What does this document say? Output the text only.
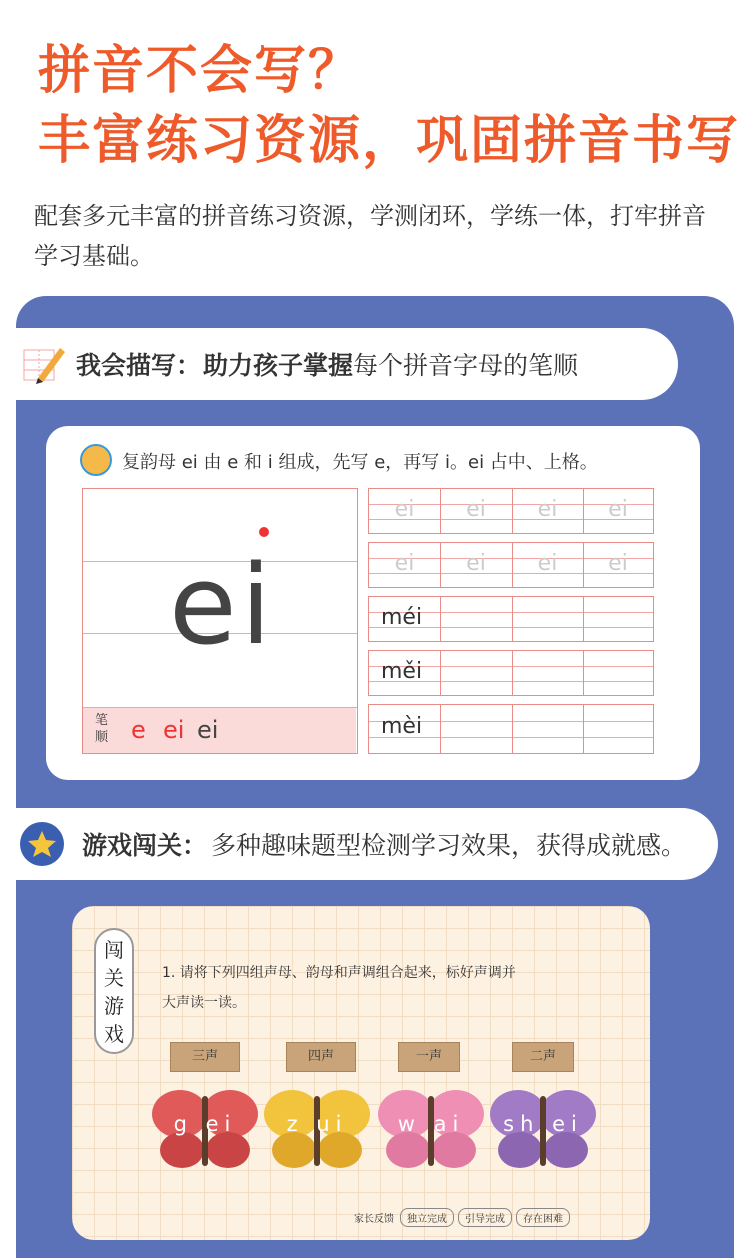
拼音不会写？
丰富练习资源，巩固拼音书写
配套多元丰富的拼音练习资源，学测闭环，学练一体，打牢拼音学习基础。
我会描写： 助力孩子掌握 每个拼音字母的笔顺
复韵母 ei 由 e 和 i 组成，先写 e，再写 i。ei 占中、上格。
ei
笔
顺 e ei ei
ei	ei	ei	ei
ei	ei	ei	ei
méi
měi
mèi
游戏闯关： 多种趣味题型检测学习效果，获得成就感。
闯
关
游
戏
1. 请将下列四组声母、韵母和声调组合起来，标好声调并
大声读一读。
三声	四声	一声	二声
g ei	z ui	w ai	sh ei
家长反馈	独立完成	引导完成	存在困难
